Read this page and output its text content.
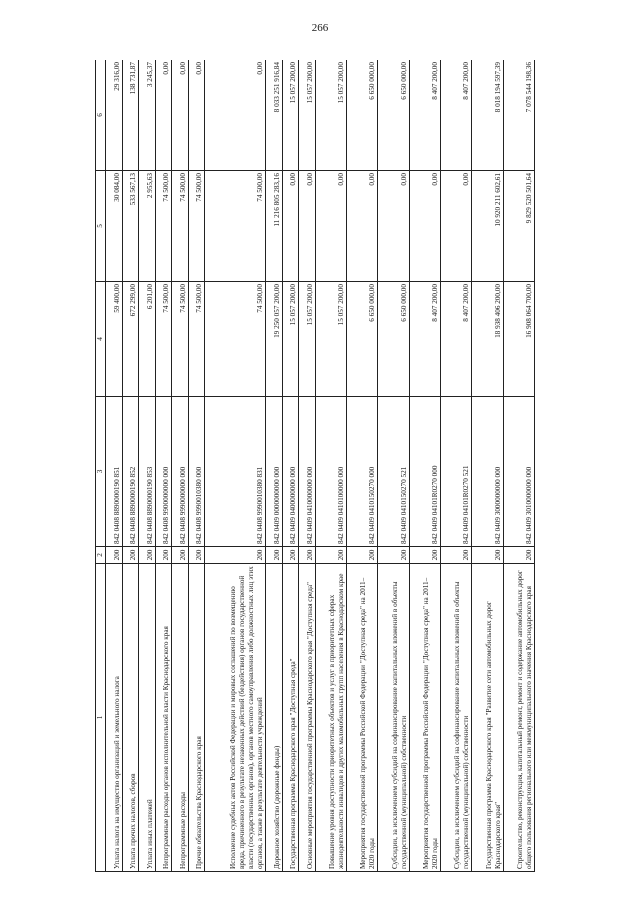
266
1	2	3	4	5	6
Уплата налога на имущество организаций и земельного налога	200	842 0408 8890000190 851	59 400,00	30 084,00	29 316,00
Уплата прочих налогов, сборов	200	842 0408 8890000190 852	672 299,00	533 567,13	138 731,87
Уплата иных платежей	200	842 0408 8890000190 853	6 201,00	2 955,63	3 245,37
Непрограммные расходы органов исполнительной власти Краснодарского края	200	842 0408 9900000000 000	74 500,00	74 500,00	0,00
Непрограммные расходы	200	842 0408 9990000000 000	74 500,00	74 500,00	0,00
Прочие обязательства Краснодарского края	200	842 0408 9990010380 000	74 500,00	74 500,00	0,00
Исполнение судебных актов Российской Федерации и мировых соглашений по возмещению вреда, причиненного в результате незаконных действий (бездействия) органов государственной власти (государственных органов), органов местного самоуправления либо должностных лиц этих органов, а также в результате деятельности учреждений	200	842 0408 9990010380 831	74 500,00	74 500,00	0,00
Дорожное хозяйство (дорожные фонды)	200	842 0409 0000000000 000	19 250 057 200,00	11 216 805 283,16	8 033 251 916,84
Государственная программа Краснодарского края "Доступная среда"	200	842 0409 0400000000 000	15 057 200,00	0,00	15 057 200,00
Основные мероприятия государственной программы Краснодарского края "Доступная среда"	200	842 0409 0410000000 000	15 057 200,00	0,00	15 057 200,00
Повышение уровня доступности приоритетных объектов и услуг в приоритетных сферах жизнедеятельности инвалидов и других маломобильных групп населения в Краснодарском крае	200	842 0409 0410100000 000	15 057 200,00	0,00	15 057 200,00
Мероприятия государственной программы Российской Федерации "Доступная среда" на 2011–2020 годы	200	842 0409 0410150270 000	6 650 000,00	0,00	6 650 000,00
Субсидии, за исключением субсидий на софинансирование капитальных вложений в объекты государственной (муниципальной) собственности	200	842 0409 0410150270 521	6 650 000,00	0,00	6 650 000,00
Мероприятия государственной программы Российской Федерации "Доступная среда" на 2011–2020 годы	200	842 0409 04101R0270 000	8 407 200,00	0,00	8 407 200,00
Субсидии, за исключением субсидий на софинансирование капитальных вложений в объекты государственной (муниципальной) собственности	200	842 0409 04101R0270 521	8 407 200,00	0,00	8 407 200,00
Государственная программа Краснодарского края "Развитие сети автомобильных дорог Краснодарского края"	200	842 0409 3000000000 000	18 938 406 200,00	10 920 211 602,61	8 018 194 597,39
Строительство, реконструкция, капитальный ремонт, ремонт и содержание автомобильных дорог общего пользования регионального или межмуниципального значения Краснодарского края	200	842 0409 3010000000 000	16 908 064 700,00	9 829 520 501,64	7 078 544 198,36
